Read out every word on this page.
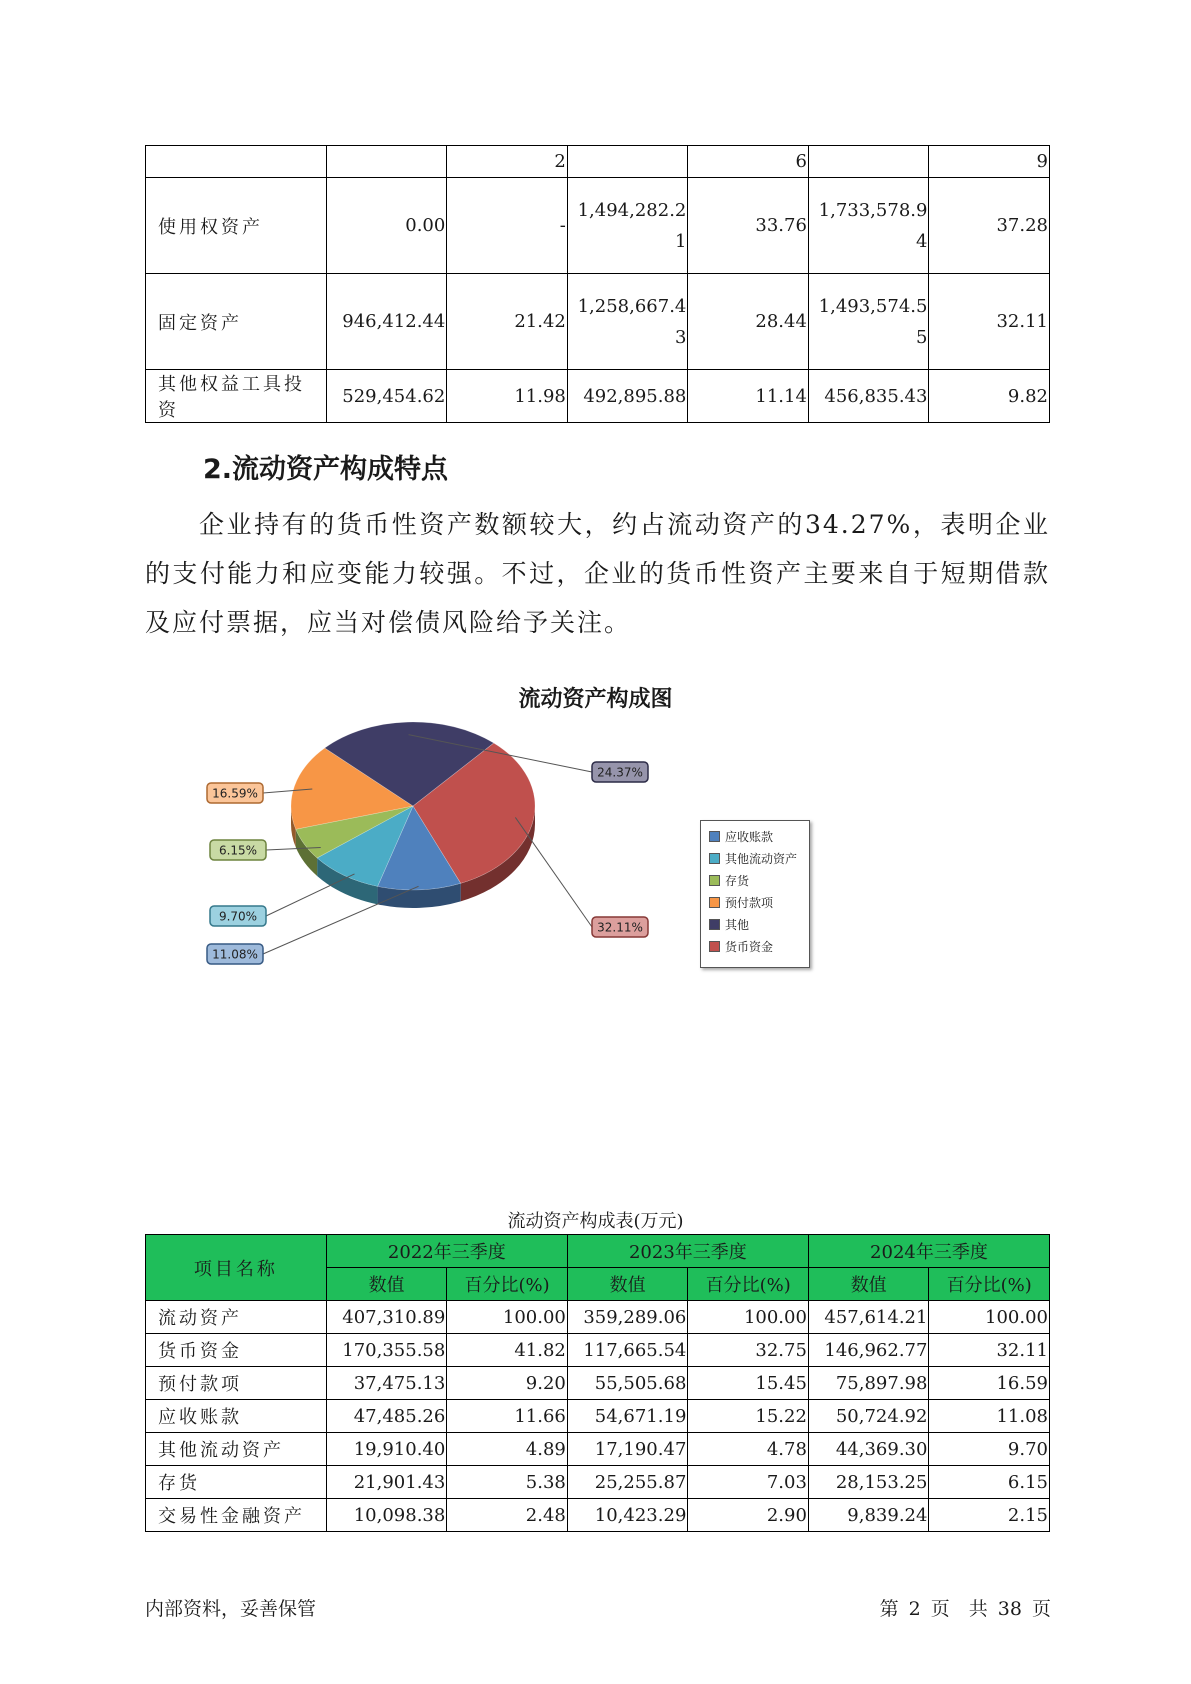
		2		6		9
使用权资产	0.00	-	1,494,282.21	33.76	1,733,578.94	37.28
固定资产	946,412.44	21.42	1,258,667.43	28.44	1,493,574.55	32.11
其他权益工具投资	529,454.62	11.98	492,895.88	11.14	456,835.43	9.82
2.流动资产构成特点

企业持有的货币性资产数额较大，约占流动资产的34.27%，表明企业的支付能力和应变能力较强。不过，企业的货币性资产主要来自于短期借款及应付票据，应当对偿债风险给予关注。

流动资产构成图

32.11%
11.08%
9.70%
6.15%
16.59%
24.37%
应收账款
其他流动资产
存货
预付款项
其他
货币资金

流动资产构成表(万元)

项目名称	2022年三季度		2023年三季度		2024年三季度	
	数值	百分比(%)	数值	百分比(%)	数值	百分比(%)
流动资产	407,310.89	100.00	359,289.06	100.00	457,614.21	100.00
货币资金	170,355.58	41.82	117,665.54	32.75	146,962.77	32.11
预付款项	37,475.13	9.20	55,505.68	15.45	75,897.98	16.59
应收账款	47,485.26	11.66	54,671.19	15.22	50,724.92	11.08
其他流动资产	19,910.40	4.89	17,190.47	4.78	44,369.30	9.70
存货	21,901.43	5.38	25,255.87	7.03	28,153.25	6.15
交易性金融资产	10,098.38	2.48	10,423.29	2.90	9,839.24	2.15

内部资料，妥善保管	第 2 页　共 38 页
